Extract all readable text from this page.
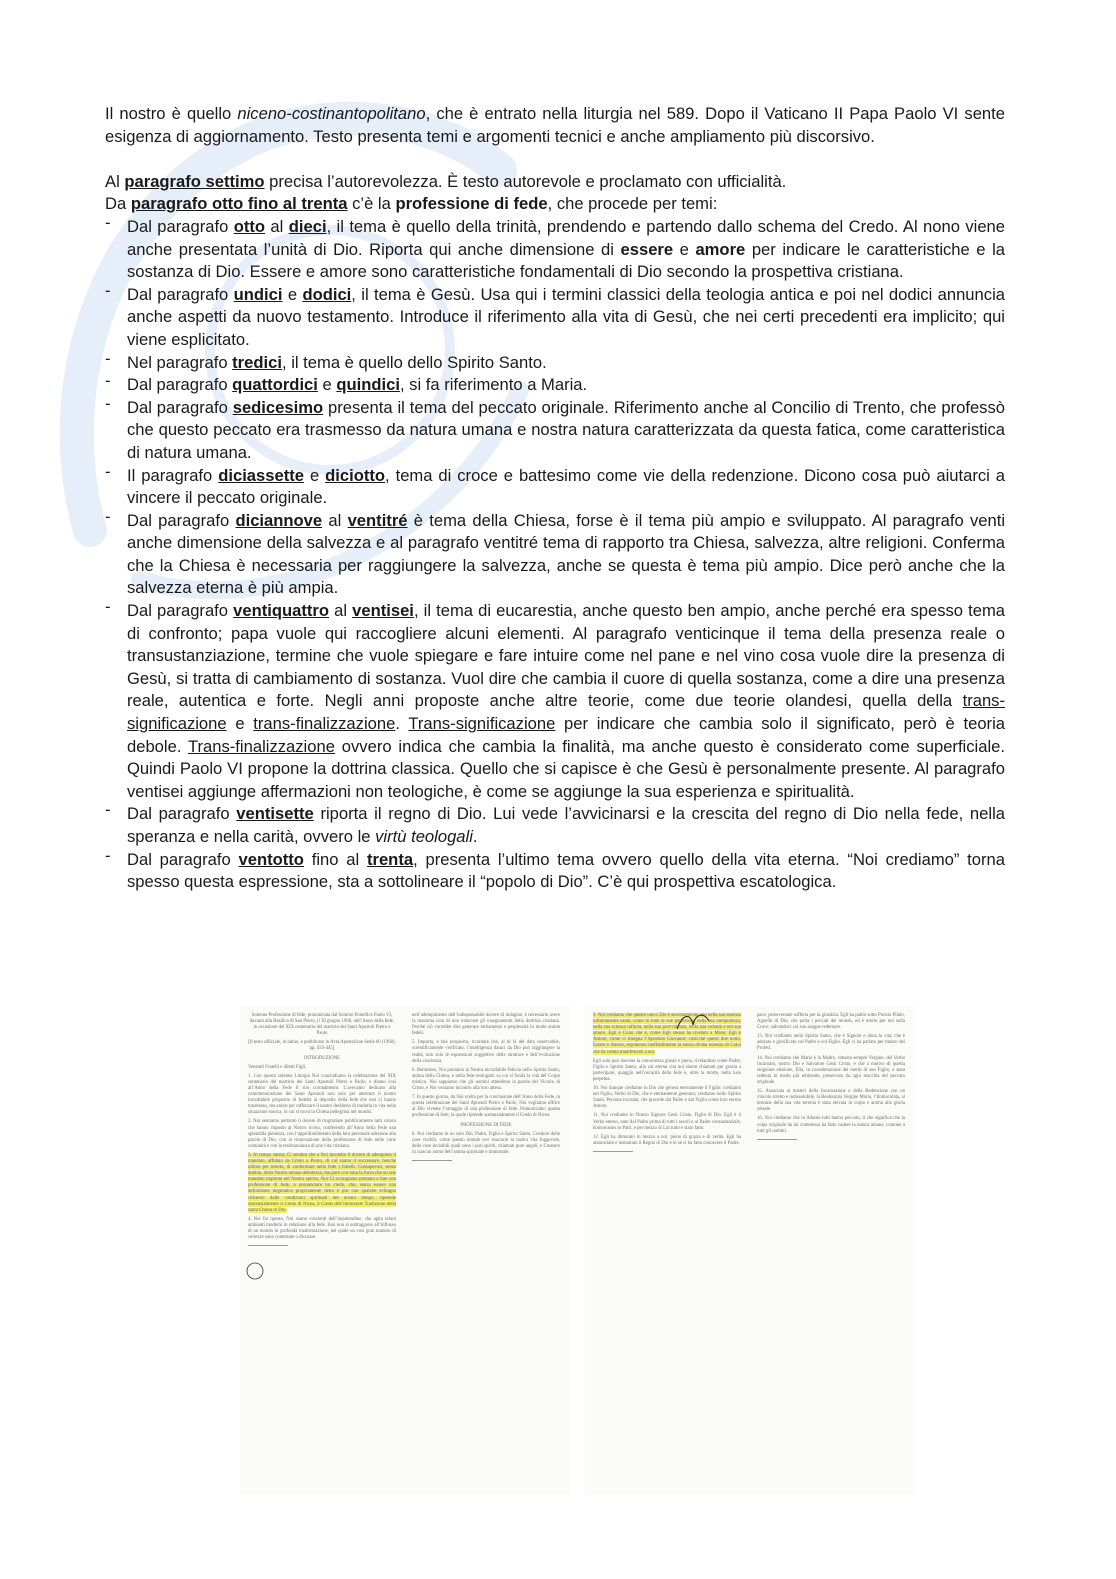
Il nostro è quello niceno-costinantopolitano, che è entrato nella liturgia nel 589. Dopo il Vaticano II Papa Paolo VI sente esigenza di aggiornamento. Testo presenta temi e argomenti tecnici e anche ampliamento più discorsivo.

Al paragrafo settimo precisa l’autorevolezza. È testo autorevole e proclamato con ufficialità.

Da paragrafo otto fino al trenta c’è la professione di fede, che procede per temi:

- Dal paragrafo otto al dieci, il tema è quello della trinità, prendendo e partendo dallo schema del Credo. Al nono viene anche presentata l’unità di Dio. Riporta qui anche dimensione di essere e amore per indicare le caratteristiche e la sostanza di Dio. Essere e amore sono caratteristiche fondamentali di Dio secondo la prospettiva cristiana.
- Dal paragrafo undici e dodici, il tema è Gesù. Usa qui i termini classici della teologia antica e poi nel dodici annuncia anche aspetti da nuovo testamento. Introduce il riferimento alla vita di Gesù, che nei certi precedenti era implicito; qui viene esplicitato.
- Nel paragrafo tredici, il tema è quello dello Spirito Santo.
- Dal paragrafo quattordici e quindici, si fa riferimento a Maria.
- Dal paragrafo sedicesimo presenta il tema del peccato originale. Riferimento anche al Concilio di Trento, che professò che questo peccato era trasmesso da natura umana e nostra natura caratterizzata da questa fatica, come caratteristica di natura umana.
- Il paragrafo diciassette e diciotto, tema di croce e battesimo come vie della redenzione. Dicono cosa può aiutarci a vincere il peccato originale.
- Dal paragrafo diciannove al ventitré è tema della Chiesa, forse è il tema più ampio e sviluppato. Al paragrafo venti anche dimensione della salvezza e al paragrafo ventitré tema di rapporto tra Chiesa, salvezza, altre religioni. Conferma che la Chiesa è necessaria per raggiungere la salvezza, anche se questa è tema più ampio. Dice però anche che la salvezza eterna è più ampia.
- Dal paragrafo ventiquattro al ventisei, il tema di eucarestia, anche questo ben ampio, anche perché era spesso tema di confronto; papa vuole qui raccogliere alcuni elementi. Al paragrafo venticinque il tema della presenza reale o transustanziazione, termine che vuole spiegare e fare intuire come nel pane e nel vino cosa vuole dire la presenza di Gesù, si tratta di cambiamento di sostanza. Vuol dire che cambia il cuore di quella sostanza, come a dire una presenza reale, autentica e forte. Negli anni proposte anche altre teorie, come due teorie olandesi, quella della trans-significazione e trans-finalizzazione. Trans-significazione per indicare che cambia solo il significato, però è teoria debole. Trans-finalizzazione ovvero indica che cambia la finalità, ma anche questo è considerato come superficiale. Quindi Paolo VI propone la dottrina classica. Quello che si capisce è che Gesù è personalmente presente. Al paragrafo ventisei aggiunge affermazioni non teologiche, è come se aggiunge la sua esperienza e spiritualità.
- Dal paragrafo ventisette riporta il regno di Dio. Lui vede l’avvicinarsi e la crescita del regno di Dio nella fede, nella speranza e nella carità, ovvero le virtù teologali.
- Dal paragrafo ventotto fino al trenta, presenta l’ultimo tema ovvero quello della vita eterna. “Noi crediamo” torna spesso questa espressione, sta a sottolineare il “popolo di Dio”. C’è qui prospettiva escatologica.

Solenne Professione di fede, pronunciata dal Sommo Pontefice Paolo VI, davanti alla Basilica di San Pietro, il 30 giugno 1968, nell’Anno della fede, in occasione del XIX centenario del martirio dei Santi Apostoli Pietro e Paolo

[Il testo ufficiale, in latino, è pubblicato in Acta Apostolicae Sedis 60 (1968), pp. 433-445]

INTRODUZIONE

Venerati Fratelli e diletti Figli,

1. Con questa solenne Liturgia Noi concludiamo la celebrazione del XIX centenario del martirio dei Santi Apostoli Pietro e Paolo, e diamo così all’Anno della Fede il suo coronamento. L’avevamo dedicato alla commemorazione dei Santi Apostoli non solo per attestare il nostro incrollabile proposito di fedeltà al deposito della fede che essi ci hanno trasmesso, ma anche per rafforzare il nostro desiderio di tradurla in vita nella situazione storica, in cui si trova la Chiesa pellegrina nel mondo.

2. Noi sentiamo pertanto il dovere di ringraziare pubblicamente tutti coloro che hanno risposto al Nostro invito, conferendo all’Anno della Fede una splendida pienezza, con l’approfondimento della loro personale adesione alla parola di Dio, con la rinnovazione della professione di fede nelle varie comunità e con la testimonianza di una vita cristiana.

3. Al tempo stesso, Ci sembra che a Noi incombe il dovere di adempiere il mandato, affidato da Cristo a Pietro, di cui siamo il successore, benché ultimo per merito, di confermare nella fede i fratelli. Consapevoli, senza dubbio, della Nostra umana debolezza, ma pure con tutta la forza che un tale mandato imprime nel Nostro spirito, Noi Ci accingiamo pertanto a fare una professione di fede, a pronunciare un credo, che, senza essere una definizione dogmatica propriamente detta e pur con qualche sviluppo richiesto dalle condizioni spirituali del nostro tempo, riprende sostanzialmente il Credo di Nicea, il Credo dell’immortale Tradizione della santa Chiesa di Dio.

4. Nel far questo, Noi siamo coscienti dell’inquietudine, che agita taluni ambienti moderni in relazione alla fede. Essi non si sottraggono all’influsso di un mondo in profonda trasformazione, nel quale un così gran numero di certezze sono contestate o discusse.

nell’adempimento dell’indispensabile dovere di indagine, è necessario avere la massima cura di non intaccare gli insegnamenti della dottrina cristiana. Perché ciò vorrebbe dire generare turbamento e perplessità in molte anime fedeli.

5. Importa, a tale proposito, ricordare che, al di là del dato osservabile, scientificamente verificato, l’intelligenza dataci da Dio può raggiungere la realtà, non solo le espressioni soggettive delle strutture e dell’evoluzione della coscienza.

6. Beninteso, Noi poniamo la Nostra incrollabile fiducia nello Spirito Santo, anima della Chiesa, e nella fede teologale, su cui si fonda la vita del Corpo mistico. Noi sappiamo che gli uomini attendono la parola del Vicario di Cristo, e Noi veniamo incontro alla loro attesa.

7. In questo giorno, da Noi scelto per la conclusione dell’Anno della Fede, in questa celebrazione dei Santi Apostoli Pietro e Paolo, Noi vogliamo offrire al Dio vivente l’omaggio di una professione di fede. Pronunciamo questa professione di fede, la quale riprende sostanzialmente il Credo di Nicea.

PROFESSIONE DI FEDE

8. Noi crediamo in un solo Dio, Padre, Figlio e Spirito Santo, Creatore delle cose visibili, come questo mondo ove trascorre la nostra vita fuggevole, delle cose invisibili quali sono i puri spiriti, chiamati pure angeli, e Creatore in ciascun uomo dell’anima spirituale e immortale.

9. Noi crediamo che questo unico Dio è assolutamente uno nella sua essenza infinitamente santa, come in tutte le sue perfezioni, nella sua onnipotenza, nella sua scienza infinita, nella sua provvidenza, nella sua volontà e nel suo amore. Egli è Colui che è, come Egli stesso ha rivelato a Mosè; Egli è Amore, come ci insegna l’Apostolo Giovanni: cosicché questi due nomi, Essere e Amore, esprimono ineffabilmente la stessa divina essenza di Colui che ha voluto manifestarsi a noi.

Egli solo può darcene la conoscenza giusta e piena, rivelandosi come Padre, Figlio e Spirito Santo, alla cui eterna vita noi siamo chiamati per grazia a partecipare, quaggiù nell’oscurità della fede e, oltre la morte, nella luce perpetua.

10. Noi dunque crediamo in Dio che genera eternamente il Figlio; crediamo nel Figlio, Verbo di Dio, che è eternamente generato; crediamo nello Spirito Santo, Persona increata, che procede dal Padre e dal Figlio come loro eterno Amore.

11. Noi crediamo in Nostro Signore Gesù Cristo, Figlio di Dio. Egli è il Verbo eterno, nato dal Padre prima di tutti i secoli e al Padre consustanziale, homoousios to Patri, e per mezzo di Lui tutto è stato fatto.

12. Egli ha dimorato in mezzo a noi, pieno di grazia e di verità. Egli ha annunciato e instaurato il Regno di Dio e in sé ci ha fatto conoscere il Padre.

pace, perseverante sofferta per la giustizia. Egli ha patito sotto Ponzio Pilato, Agnello di Dio, che porta i peccati del mondo, ed è morto per noi sulla Croce, salvandoci col suo sangue redentore.

13. Noi crediamo nello Spirito Santo, che è Signore e dona la vita; che è adorato e glorificato col Padre e col Figlio. Egli ci ha parlato per mezzo dei Profeti.

14. Noi crediamo che Maria è la Madre, rimasta sempre Vergine, del Verbo Incarnato, nostro Dio e Salvatore Gesù Cristo, e che a motivo di questa singolare elezione, Ella, in considerazione dei meriti di suo Figlio, è stata redenta in modo più eminente, preservata da ogni macchia del peccato originale.

15. Associata ai misteri della Incarnazione e della Redenzione con un vincolo stretto e indissolubile, la Beatissima Vergine Maria, l’Immacolata, al termine della sua vita terrena è stata elevata in corpo e anima alla gloria celeste.

16. Noi crediamo che in Adamo tutti hanno peccato; il che significa che la colpa originale da lui commessa ha fatto cadere la natura umana, comune a tutti gli uomini.
